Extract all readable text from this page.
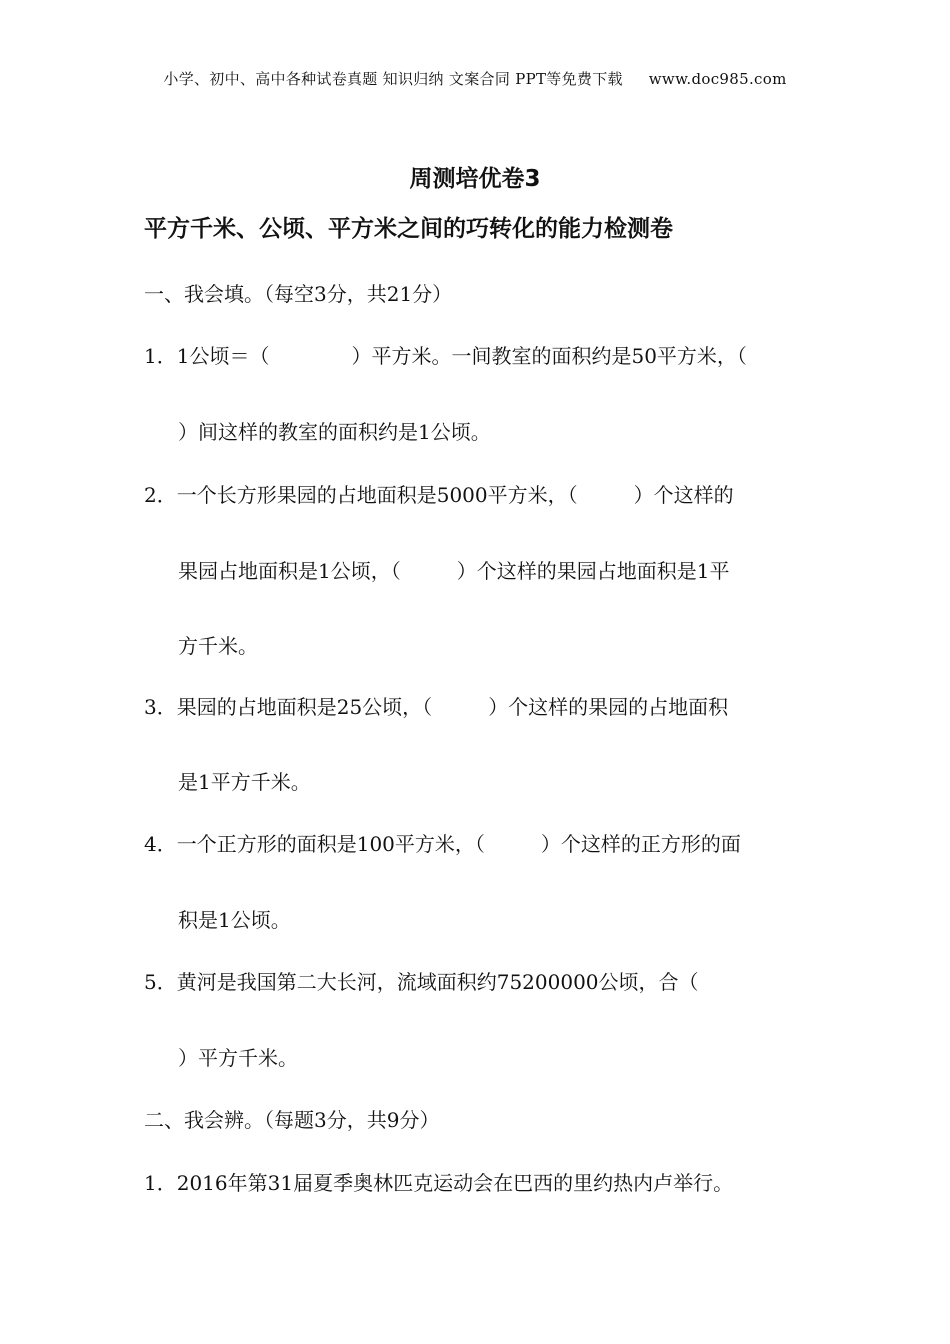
小学、初中、高中各种试卷真题 知识归纳 文案合同 PPT等免费下载 www.doc985.com
周测培优卷3
平方千米、公顷、平方米之间的巧转化的能力检测卷
一、我会填。（每空3分，共21分）
1．1公顷＝（	）平方米。一间教室的面积约是50平方米，（
）间这样的教室的面积约是1公顷。
2．一个长方形果园的占地面积是5000平方米，（	）个这样的
果园占地面积是1公顷，（	）个这样的果园占地面积是1平
方千米。
3．果园的占地面积是25公顷，（	）个这样的果园的占地面积
是1平方千米。
4．一个正方形的面积是100平方米，（	）个这样的正方形的面
积是1公顷。
5．黄河是我国第二大长河，流域面积约75200000公顷，合（
）平方千米。
二、我会辨。（每题3分，共9分）
1．2016年第31届夏季奥林匹克运动会在巴西的里约热内卢举行。
